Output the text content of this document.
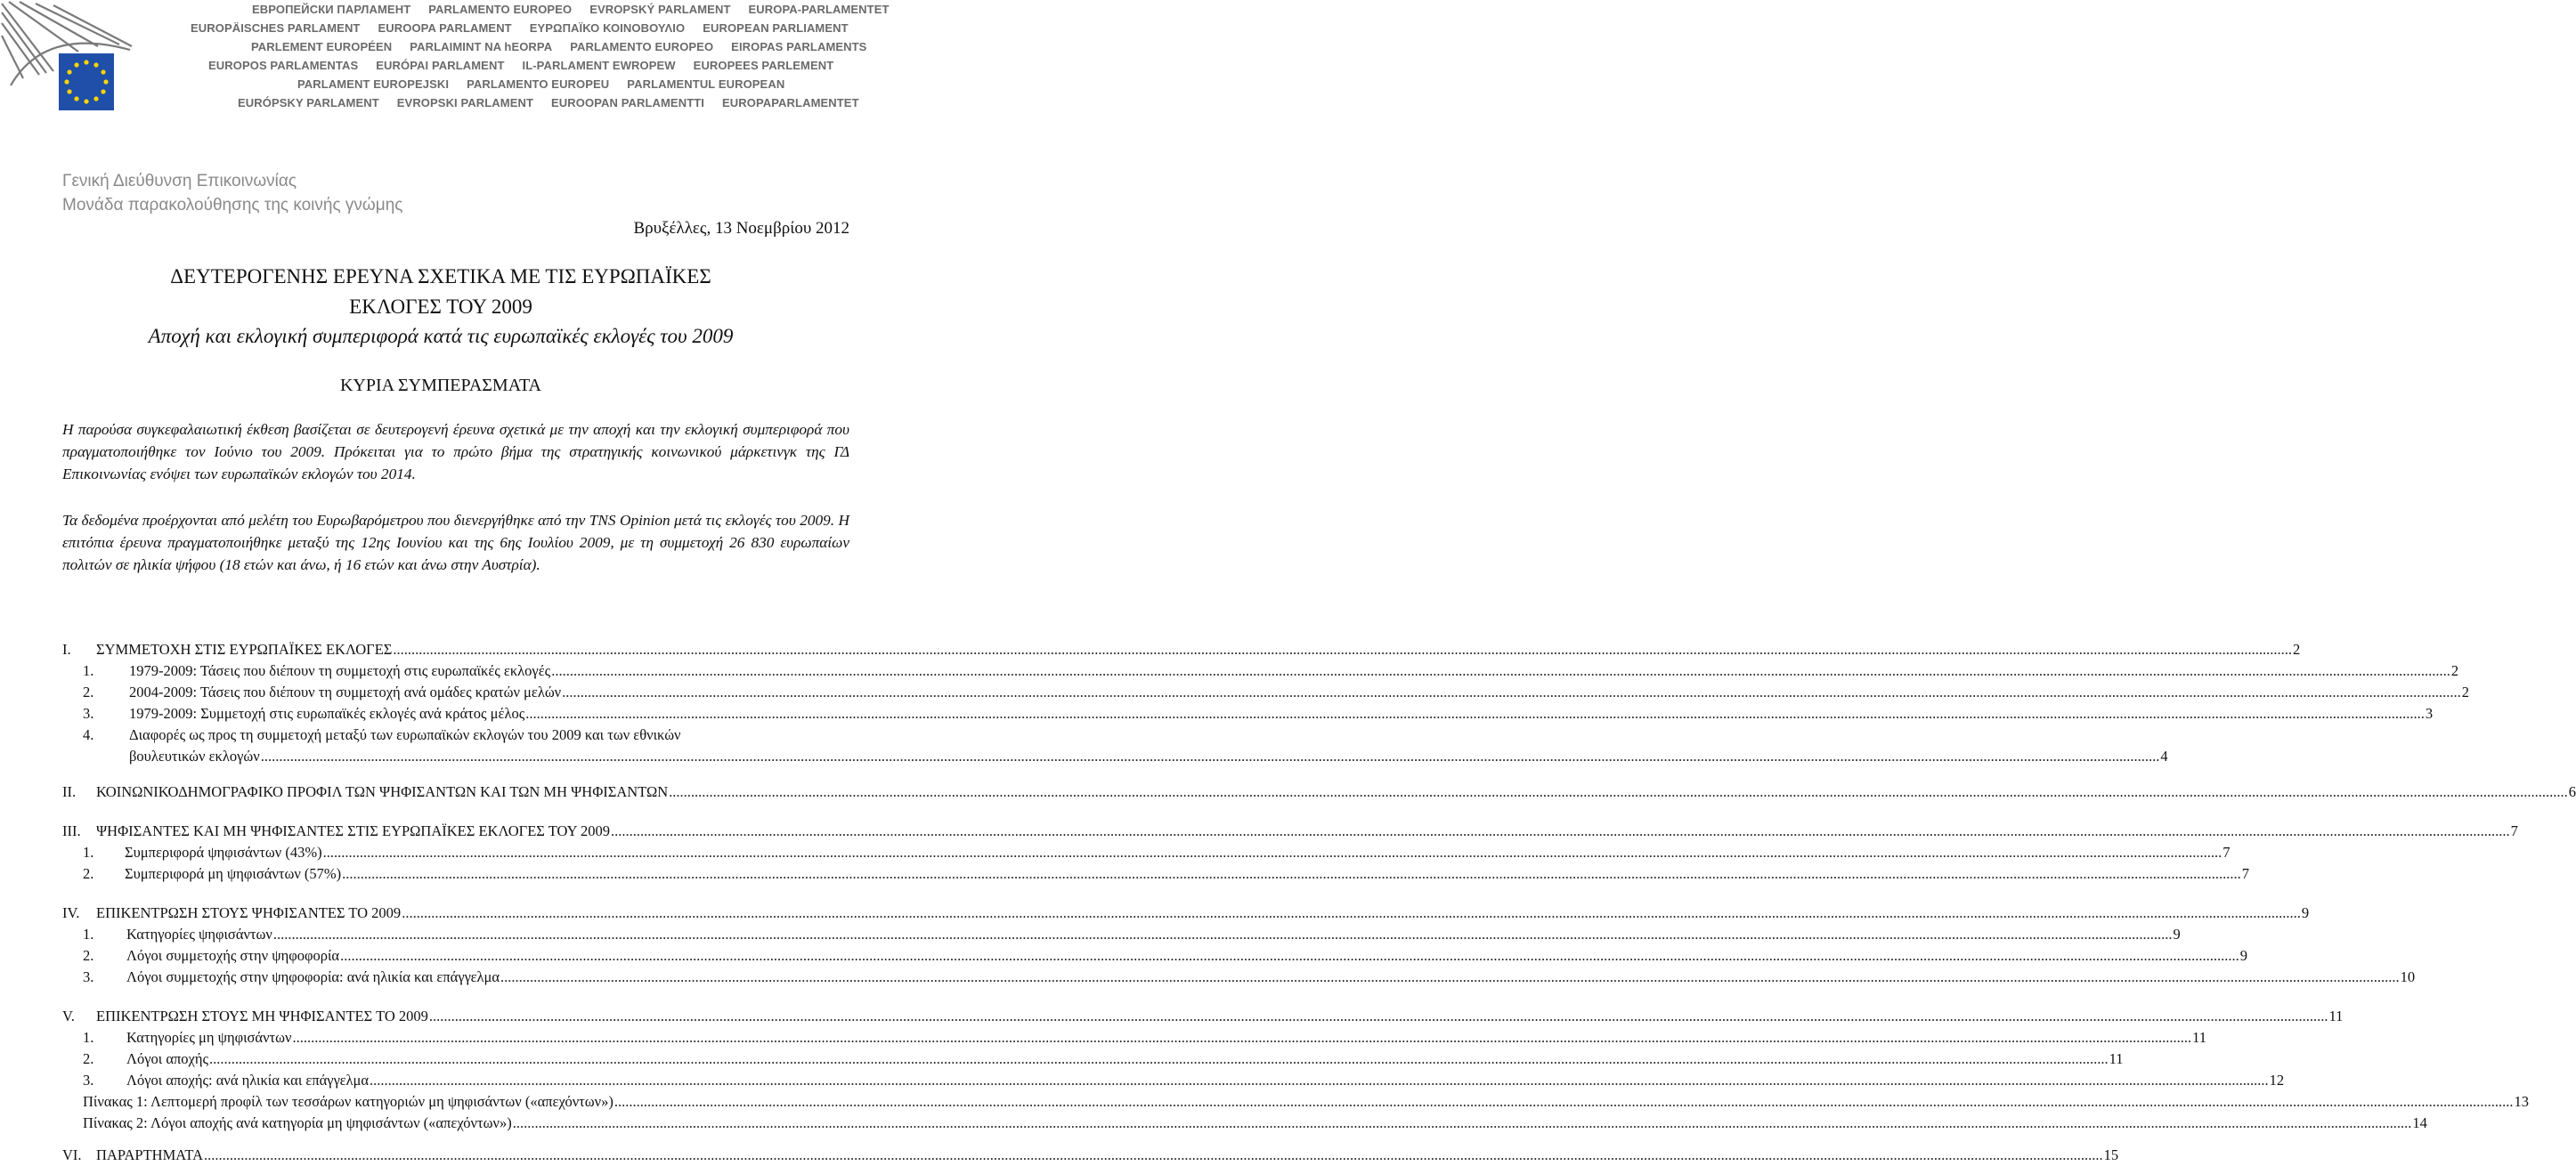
ЕВРОПЕЙСКИ ПАРЛАМЕНТ PARLAMENTO EUROPEO EVROPSKÝ PARLAMENT EUROPA-PARLAMENTET
EUROPÄISCHES PARLAMENT EUROOPA PARLAMENT ΕΥΡΩΠΑΪΚΟ ΚΟΙΝΟΒΟΥΛΙΟ EUROPEAN PARLIAMENT
PARLEMENT EUROPÉEN PARLAIMINT NA hEORPA PARLAMENTO EUROPEO EIROPAS PARLAMENTS
EUROPOS PARLAMENTAS EURÓPAI PARLAMENT IL-PARLAMENT EWROPEW EUROPEES PARLEMENT
PARLAMENT EUROPEJSKI PARLAMENTO EUROPEU PARLAMENTUL EUROPEAN
EURÓPSKY PARLAMENT EVROPSKI PARLAMENT EUROOPAN PARLAMENTTI EUROPAPARLAMENTET
Γενική Διεύθυνση Επικοινωνίας
Μονάδα παρακολούθησης της κοινής γνώμης
Βρυξέλλες, 13 Νοεμβρίου 2012
ΔΕΥΤΕΡΟΓΕΝΗΣ ΕΡΕΥΝΑ ΣΧΕΤΙΚΑ ΜΕ ΤΙΣ ΕΥΡΩΠΑΪΚΕΣ
ΕΚΛΟΓΕΣ ΤΟΥ 2009
Αποχή και εκλογική συμπεριφορά κατά τις ευρωπαϊκές εκλογές του 2009
ΚΥΡΙΑ ΣΥΜΠΕΡΑΣΜΑΤΑ
Η παρούσα συγκεφαλαιωτική έκθεση βασίζεται σε δευτερογενή έρευνα σχετικά με την αποχή και την εκλογική συμπεριφορά που πραγματοποιήθηκε τον Ιούνιο του 2009. Πρόκειται για το πρώτο βήμα της στρατηγικής κοινωνικού μάρκετινγκ της ΓΔ Επικοινωνίας ενόψει των ευρωπαϊκών εκλογών του 2014.
Τα δεδομένα προέρχονται από μελέτη του Ευρωβαρόμετρου που διενεργήθηκε από την TNS Opinion μετά τις εκλογές του 2009. Η επιτόπια έρευνα πραγματοποιήθηκε μεταξύ της 12ης Ιουνίου και της 6ης Ιουλίου 2009, με τη συμμετοχή 26 830 ευρωπαίων πολιτών σε ηλικία ψήφου (18 ετών και άνω, ή 16 ετών και άνω στην Αυστρία).
I. ΣΥΜΜΕΤΟΧΗ ΣΤΙΣ ΕΥΡΩΠΑΪΚΕΣ ΕΚΛΟΓΕΣ .....	2
1. 1979-2009: Τάσεις που διέπουν τη συμμετοχή στις ευρωπαϊκές εκλογές .....	2
2. 2004-2009: Τάσεις που διέπουν τη συμμετοχή ανά ομάδες κρατών μελών .....	2
3. 1979-2009: Συμμετοχή στις ευρωπαϊκές εκλογές ανά κράτος μέλος .....	3
4. Διαφορές ως προς τη συμμετοχή μεταξύ των ευρωπαϊκών εκλογών του 2009 και των εθνικών
βουλευτικών εκλογών .....	4
II. ΚΟΙΝΩΝΙΚΟΔΗΜΟΓΡΑΦΙΚΟ ΠΡΟΦΙΛ ΤΩΝ ΨΗΦΙΣΑΝΤΩΝ ΚΑΙ ΤΩΝ ΜΗ ΨΗΦΙΣΑΝΤΩΝ .....	6
III. ΨΗΦΙΣΑΝΤΕΣ ΚΑΙ ΜΗ ΨΗΦΙΣΑΝΤΕΣ ΣΤΙΣ ΕΥΡΩΠΑΪΚΕΣ ΕΚΛΟΓΕΣ ΤΟΥ 2009 .....	7
1. Συμπεριφορά ψηφισάντων (43%) .....	7
2. Συμπεριφορά μη ψηφισάντων (57%) .....	7
IV. ΕΠΙΚΕΝΤΡΩΣΗ ΣΤΟΥΣ ΨΗΦΙΣΑΝΤΕΣ ΤΟ 2009 .....	9
1. Κατηγορίες ψηφισάντων .....	9
2. Λόγοι συμμετοχής στην ψηφοφορία .....	9
3. Λόγοι συμμετοχής στην ψηφοφορία: ανά ηλικία και επάγγελμα .....	10
V. ΕΠΙΚΕΝΤΡΩΣΗ ΣΤΟΥΣ ΜΗ ΨΗΦΙΣΑΝΤΕΣ ΤΟ 2009 .....	11
1. Κατηγορίες μη ψηφισάντων .....	11
2. Λόγοι αποχής .....	11
3. Λόγοι αποχής: ανά ηλικία και επάγγελμα .....	12
Πίνακας 1: Λεπτομερή προφίλ των τεσσάρων κατηγοριών μη ψηφισάντων («απεχόντων») .....	13
Πίνακας 2: Λόγοι αποχής ανά κατηγορία μη ψηφισάντων («απεχόντων») .....	14
VI. ΠΑΡΑΡΤΗΜΑΤΑ .....	15
